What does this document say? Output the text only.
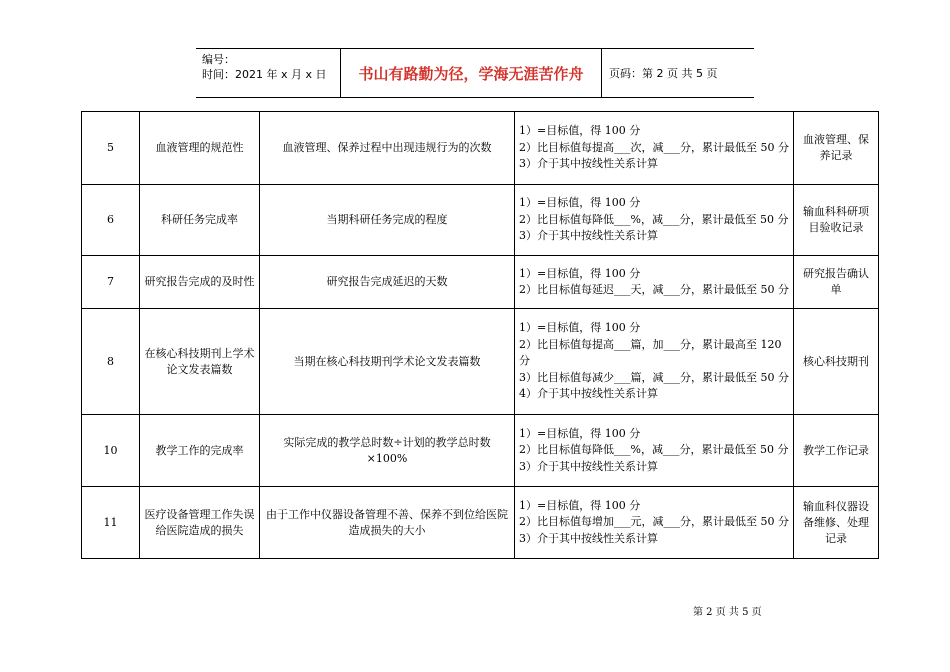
编号：
时间：2021 年 x 月 x 日	书山有路勤为径，学海无涯苦作舟	页码：第 2 页 共 5 页
5	血液管理的规范性	血液管理、保养过程中出现违规行为的次数	1）=目标值，得 100 分
2）比目标值每提高___次，减___分，累计最低至 50 分
3）介于其中按线性关系计算	血液管理、保养记录
6	科研任务完成率	当期科研任务完成的程度	1）=目标值，得 100 分
2）比目标值每降低___%，减___分，累计最低至 50 分
3）介于其中按线性关系计算	输血科科研项目验收记录
7	研究报告完成的及时性	研究报告完成延迟的天数	1）=目标值，得 100 分
2）比目标值每延迟___天，减___分，累计最低至 50 分	研究报告确认单
8	在核心科技期刊上学术论文发表篇数	当期在核心科技期刊学术论文发表篇数	1）=目标值，得 100 分
2）比目标值每提高___篇，加___分，累计最高至 120 分
3）比目标值每减少___篇，减___分，累计最低至 50 分
4）介于其中按线性关系计算	核心科技期刊
10	教学工作的完成率	实际完成的教学总时数÷计划的教学总时数×100%	1）=目标值，得 100 分
2）比目标值每降低___%，减___分，累计最低至 50 分
3）介于其中按线性关系计算	教学工作记录
11	医疗设备管理工作失误给医院造成的损失	由于工作中仪器设备管理不善、保养不到位给医院造成损失的大小	1）=目标值，得 100 分
2）比目标值每增加___元，减___分，累计最低至 50 分
3）介于其中按线性关系计算	输血科仪器设备维修、处理记录
第 2 页 共 5 页
